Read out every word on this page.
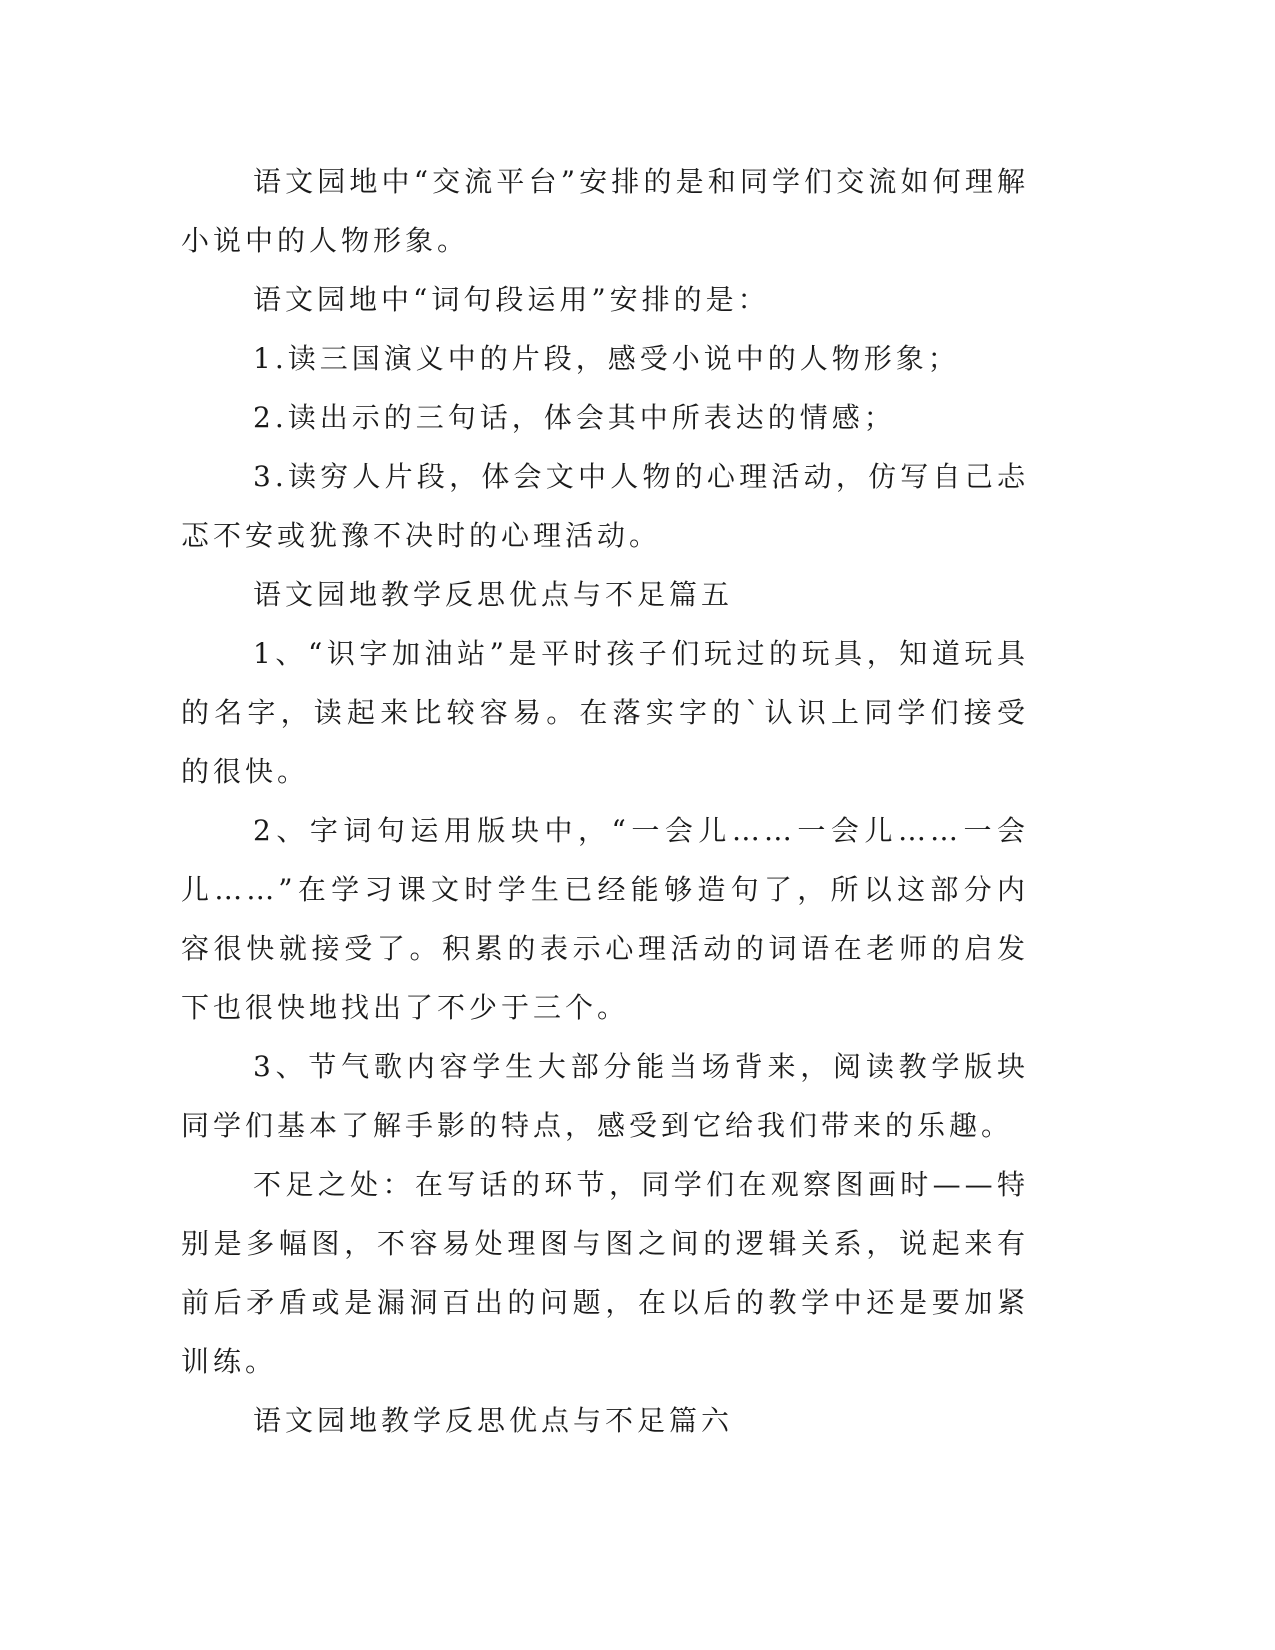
语文园地中“交流平台”安排的是和同学们交流如何理解小说中的人物形象。

语文园地中“词句段运用”安排的是：

1.读三国演义中的片段，感受小说中的人物形象；

2.读出示的三句话，体会其中所表达的情感；

3.读穷人片段，体会文中人物的心理活动，仿写自己忐忑不安或犹豫不决时的心理活动。

语文园地教学反思优点与不足篇五

1、“识字加油站”是平时孩子们玩过的玩具，知道玩具的名字，读起来比较容易。在落实字的`认识上同学们接受的很快。

2、字词句运用版块中，“一会儿……一会儿……一会儿……”在学习课文时学生已经能够造句了，所以这部分内容很快就接受了。积累的表示心理活动的词语在老师的启发下也很快地找出了不少于三个。

3、节气歌内容学生大部分能当场背来，阅读教学版块同学们基本了解手影的特点，感受到它给我们带来的乐趣。

不足之处：在写话的环节，同学们在观察图画时——特别是多幅图，不容易处理图与图之间的逻辑关系，说起来有前后矛盾或是漏洞百出的问题，在以后的教学中还是要加紧训练。

语文园地教学反思优点与不足篇六
